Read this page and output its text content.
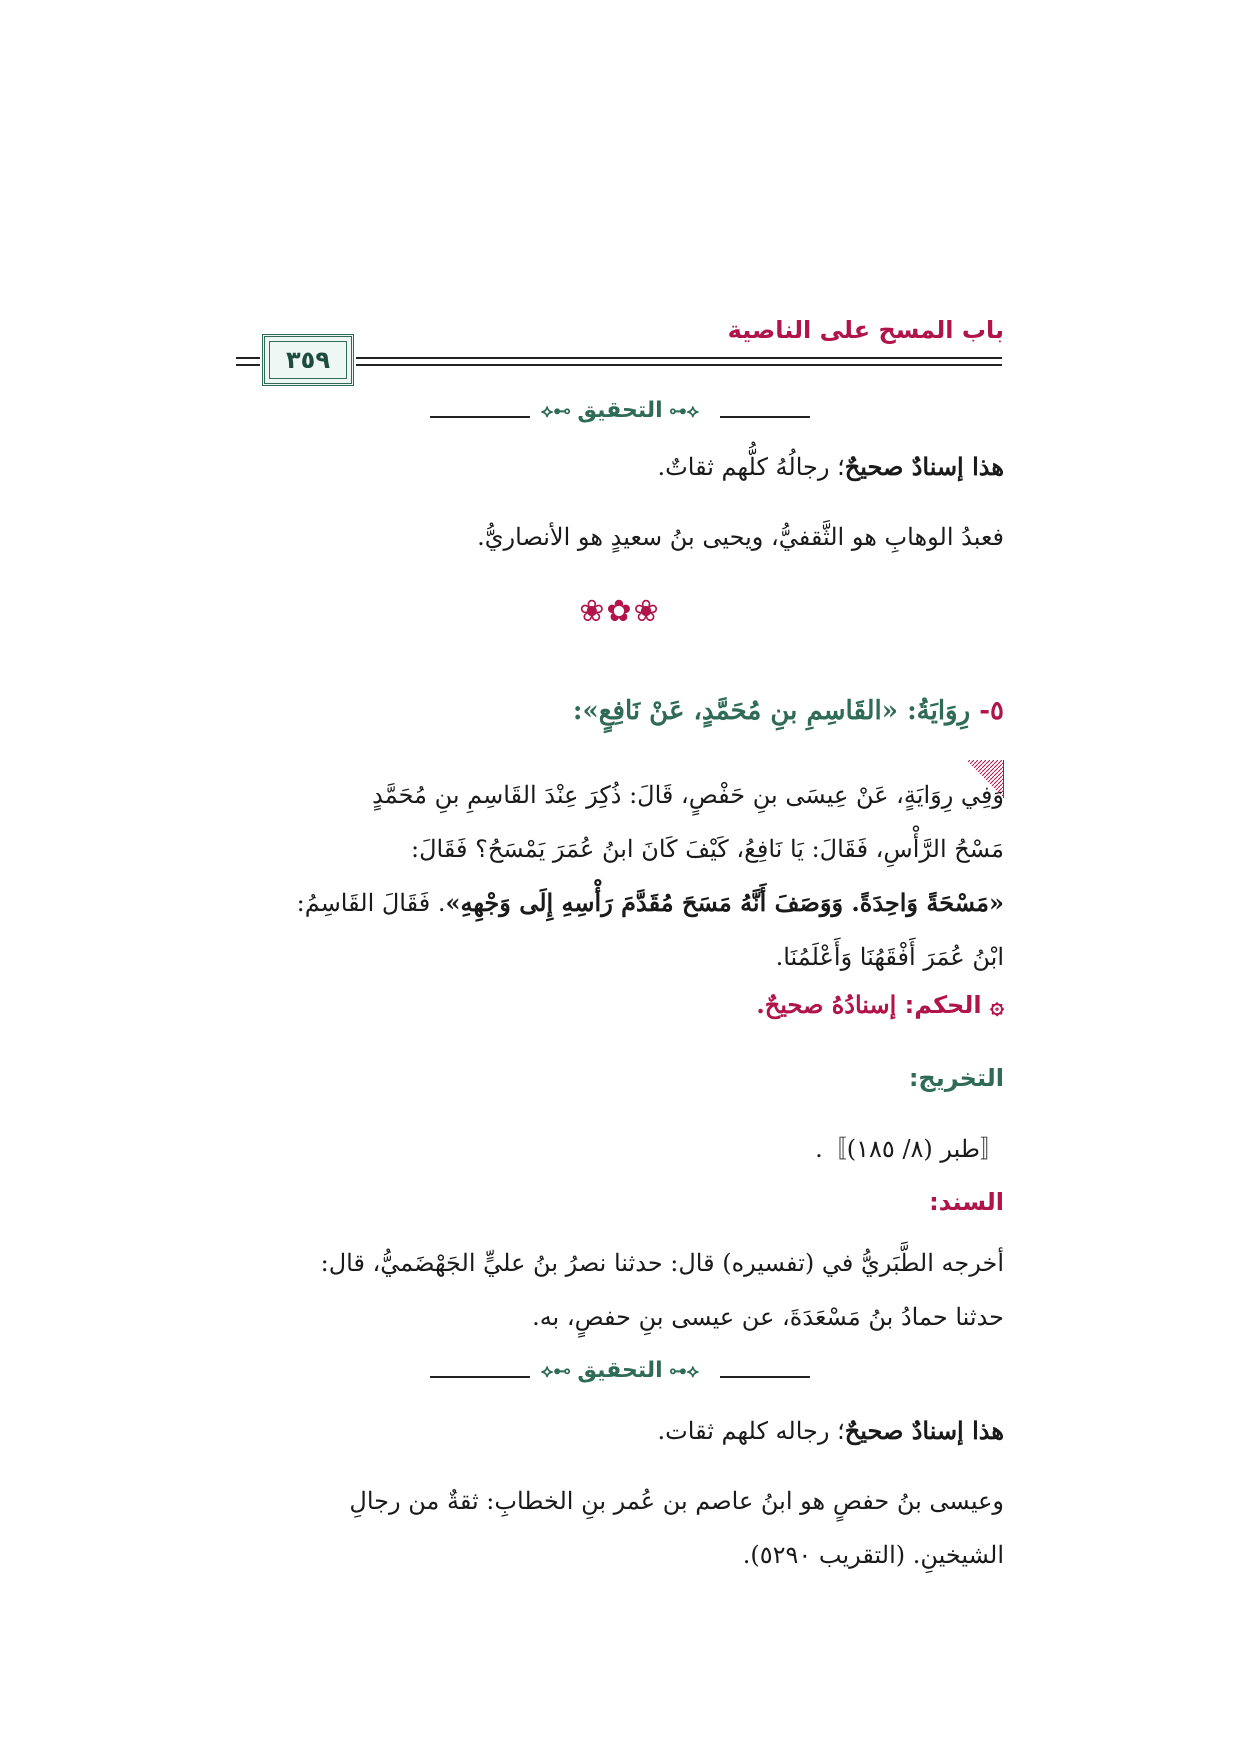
باب المسح على الناصية
٣٥٩
⟡⊷ التحقيق ⊶⟡
هذا إسنادٌ صحيحٌ؛ رجالُهُ كلُّهم ثقاتٌ.
فعبدُ الوهابِ هو الثَّقفيُّ، ويحيى بنُ سعيدٍ هو الأنصاريُّ.
❀✿❀
٥- رِوَايَةُ: «القَاسِمِ بنِ مُحَمَّدٍ، عَنْ نَافِعٍ»:
وَفِي رِوَايَةٍ، عَنْ عِيسَى بنِ حَفْصٍ، قَالَ: ذُكِرَ عِنْدَ القَاسِمِ بنِ مُحَمَّدٍ
مَسْحُ الرَّأْسِ، فَقَالَ: يَا نَافِعُ، كَيْفَ كَانَ ابنُ عُمَرَ يَمْسَحُ؟ فَقَالَ:
«مَسْحَةً وَاحِدَةً. وَوَصَفَ أَنَّهُ مَسَحَ مُقَدَّمَ رَأْسِهِ إِلَى وَجْهِهِ». فَقَالَ القَاسِمُ:
ابْنُ عُمَرَ أَفْقَهُنَا وَأَعْلَمُنَا.
۞ الحكم: إسنادُهُ صحيحٌ.
التخريج:
〚طبر (٨/ ١٨٥)〛.
السند:
أخرجه الطَّبَريُّ في (تفسيره) قال: حدثنا نصرُ بنُ عليٍّ الجَهْضَميُّ، قال:
حدثنا حمادُ بنُ مَسْعَدَةَ، عن عيسى بنِ حفصٍ، به.
⟡⊷ التحقيق ⊶⟡
هذا إسنادٌ صحيحٌ؛ رجاله كلهم ثقات.
وعيسى بنُ حفصٍ هو ابنُ عاصم بن عُمر بنِ الخطابِ: ثقةٌ من رجالِ
الشيخينِ. (التقريب ٥٢٩٠).
